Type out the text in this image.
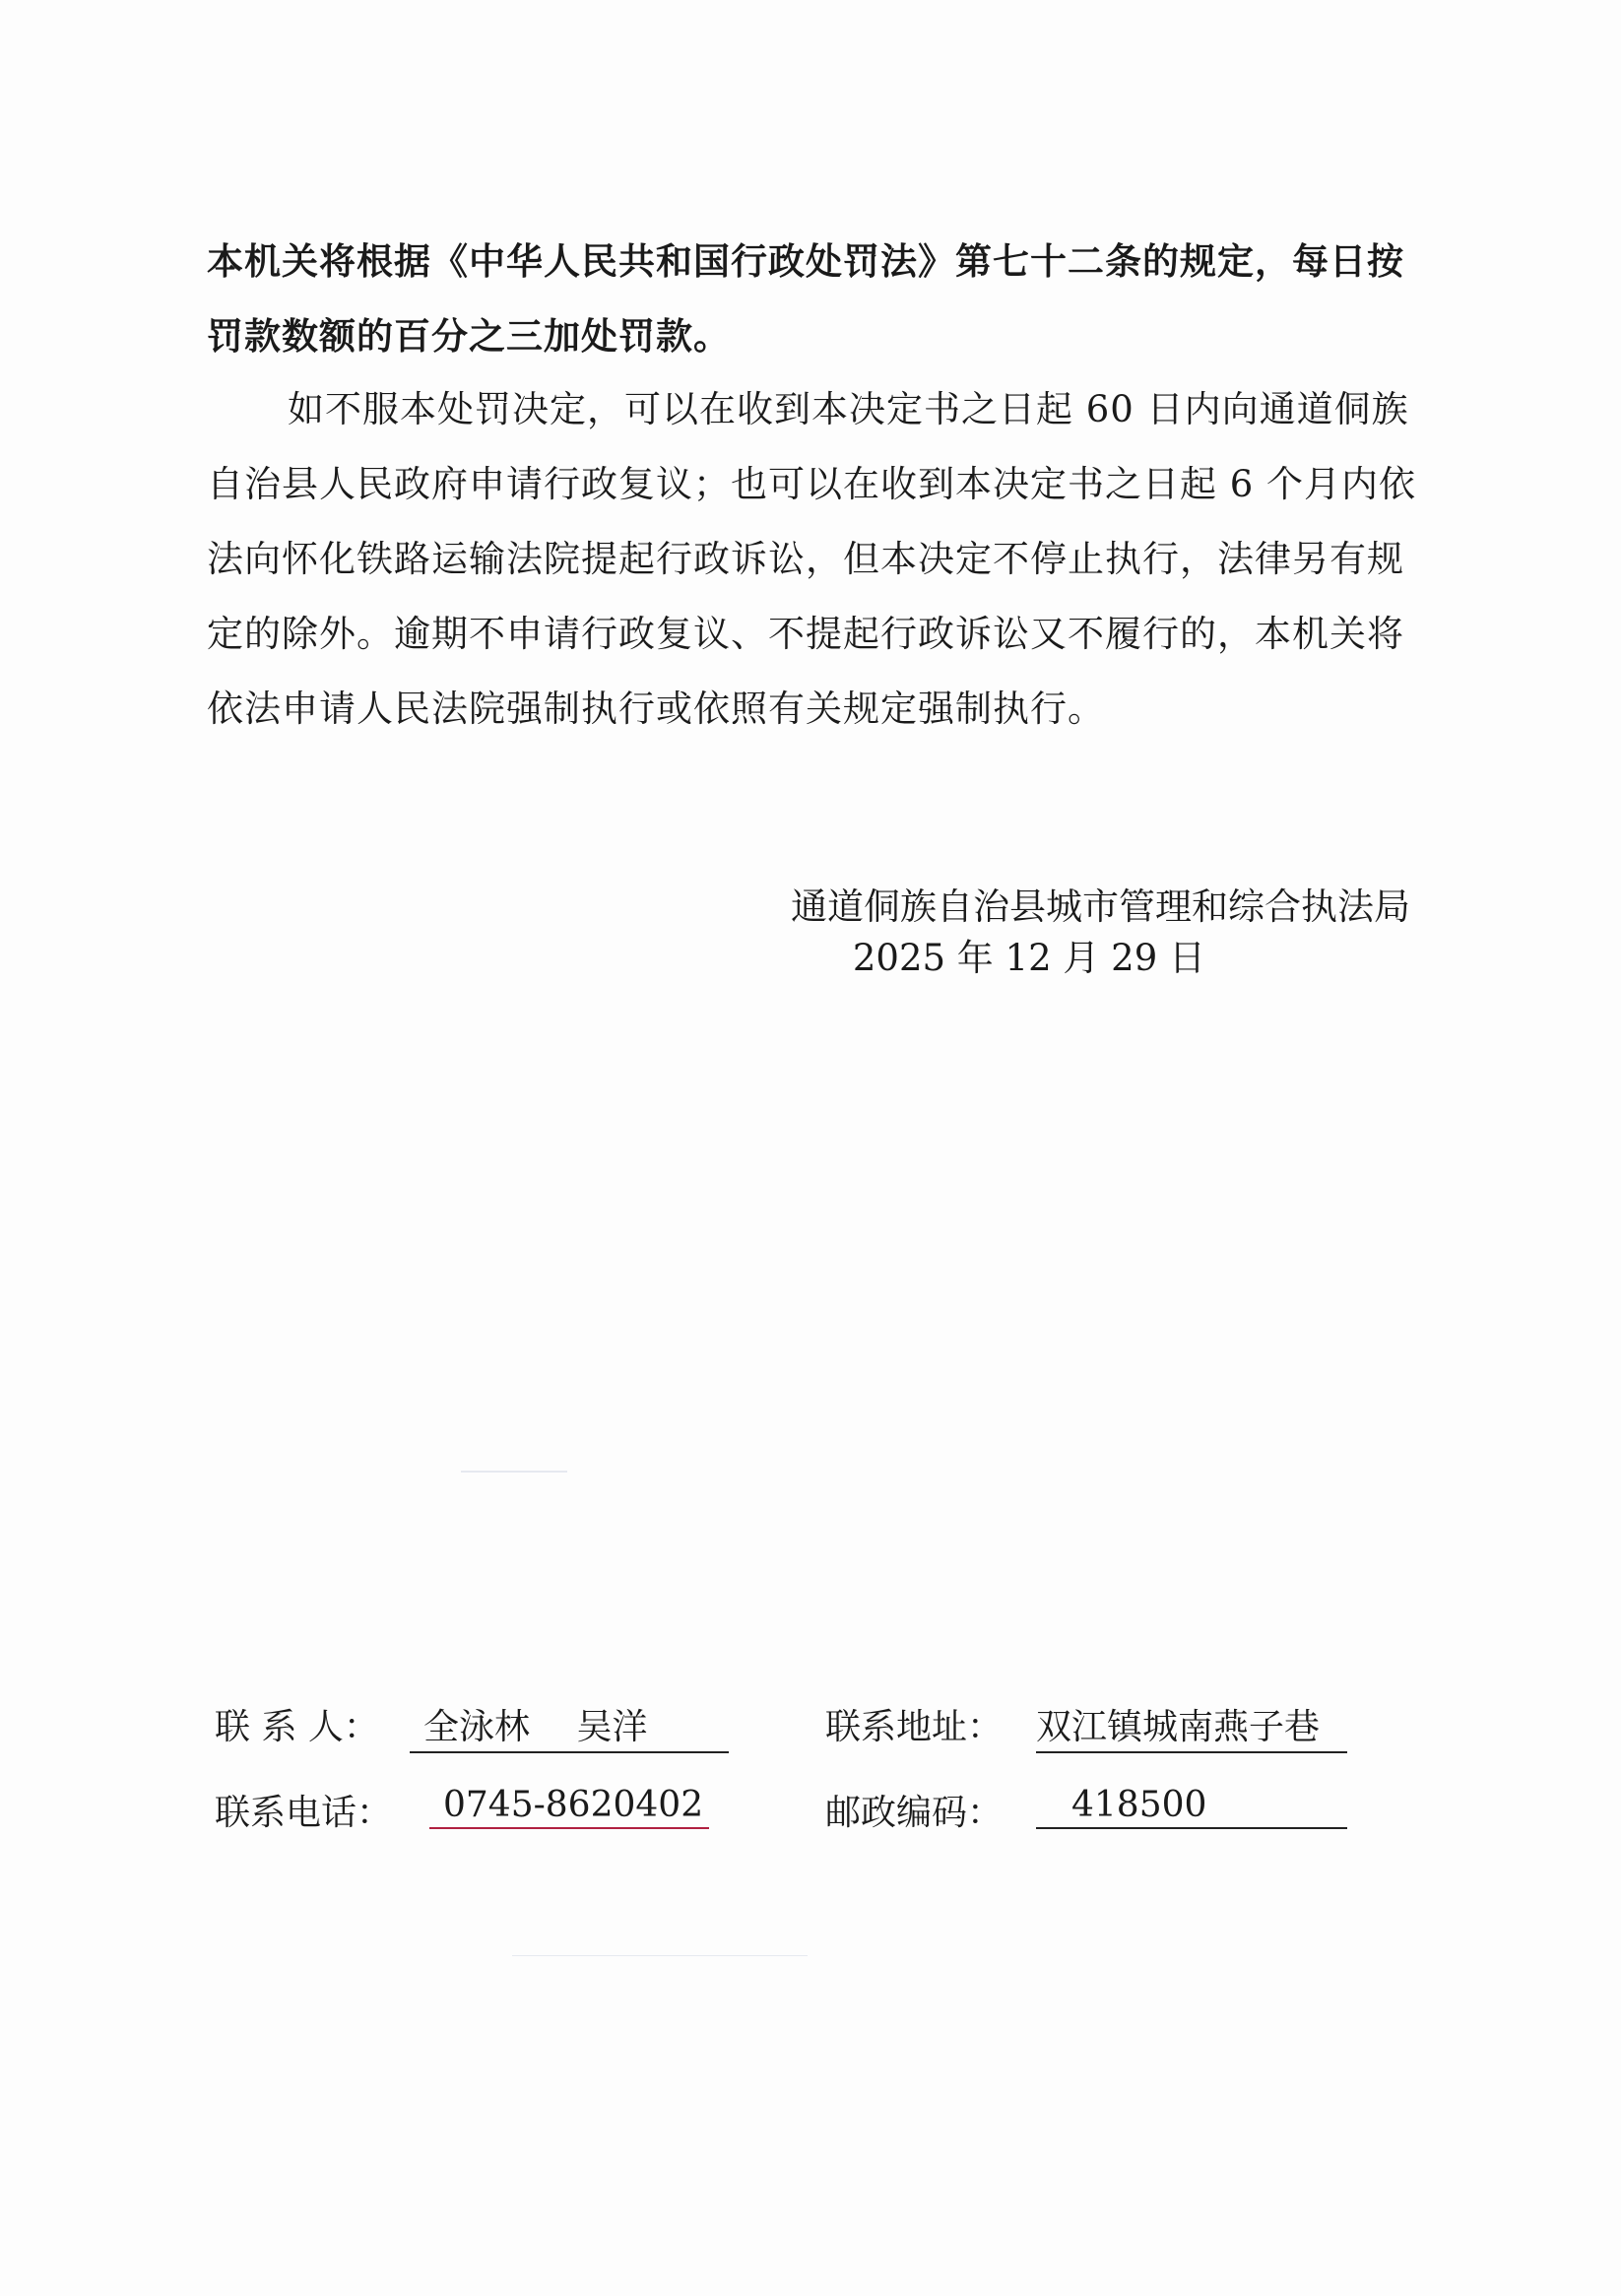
本机关将根据《中华人民共和国行政处罚法》第七十二条的规定，每日按罚款数额的百分之三加处罚款。
如不服本处罚决定，可以在收到本决定书之日起 60 日内向通道侗族自治县人民政府申请行政复议；也可以在收到本决定书之日起 6 个月内依法向怀化铁路运输法院提起行政诉讼，但本决定不停止执行，法律另有规定的除外。逾期不申请行政复议、不提起行政诉讼又不履行的，本机关将依法申请人民法院强制执行或依照有关规定强制执行。
通道侗族自治县城市管理和综合执法局
2025 年 12 月 29 日
联 系 人：	全泳林　 吴洋	联系地址： 双江镇城南燕子巷
联系电话：	0745-8620402	邮政编码：	418500
